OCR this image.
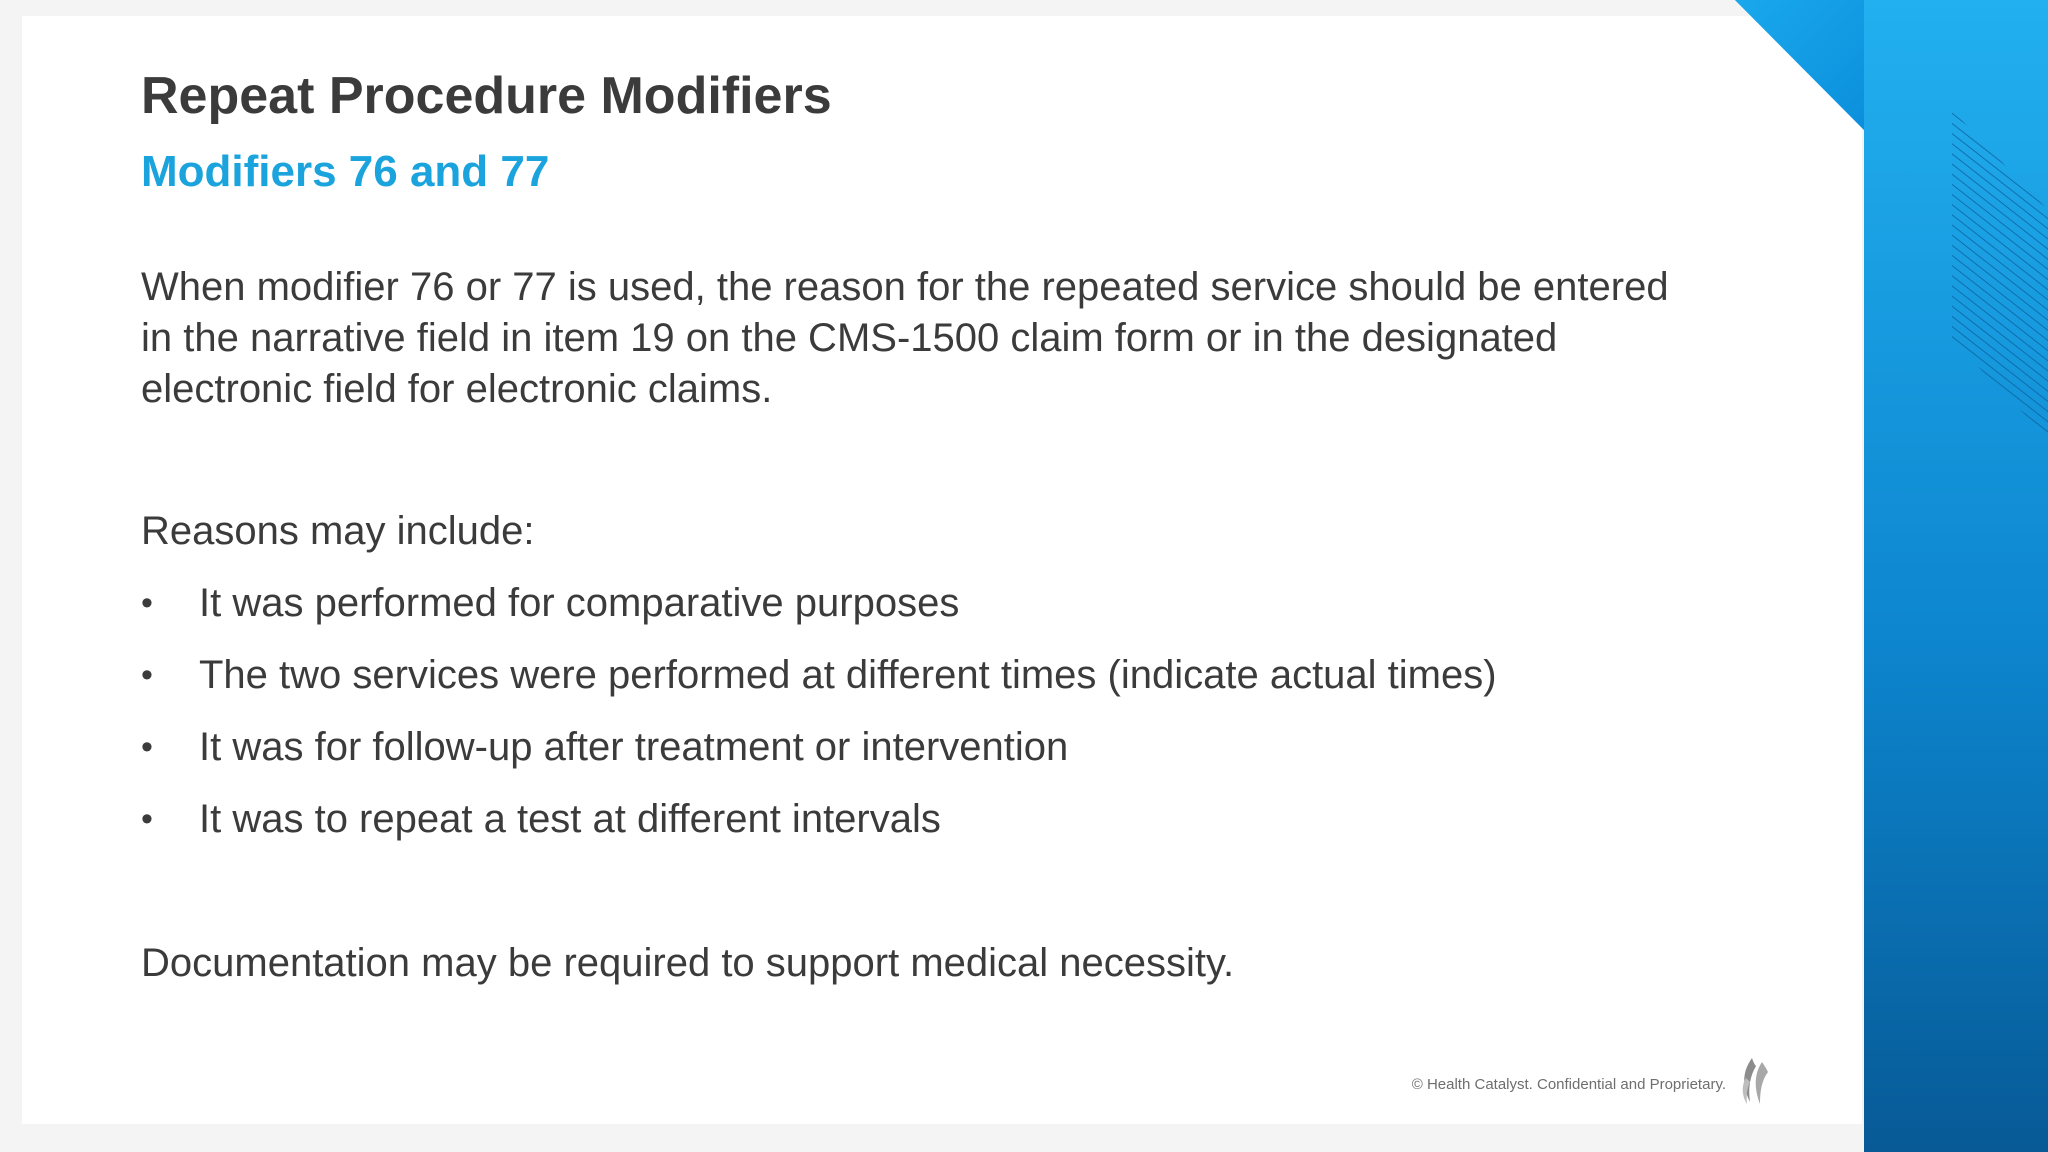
Repeat Procedure Modifiers
Modifiers 76 and 77

When modifier 76 or 77 is used, the reason for the repeated service should be entered in the narrative field in item 19 on the CMS-1500 claim form or in the designated electronic field for electronic claims.

Reasons may include:

• It was performed for comparative purposes
• The two services were performed at different times (indicate actual times)
• It was for follow-up after treatment or intervention
• It was to repeat a test at different intervals

Documentation may be required to support medical necessity.

© Health Catalyst. Confidential and Proprietary.
